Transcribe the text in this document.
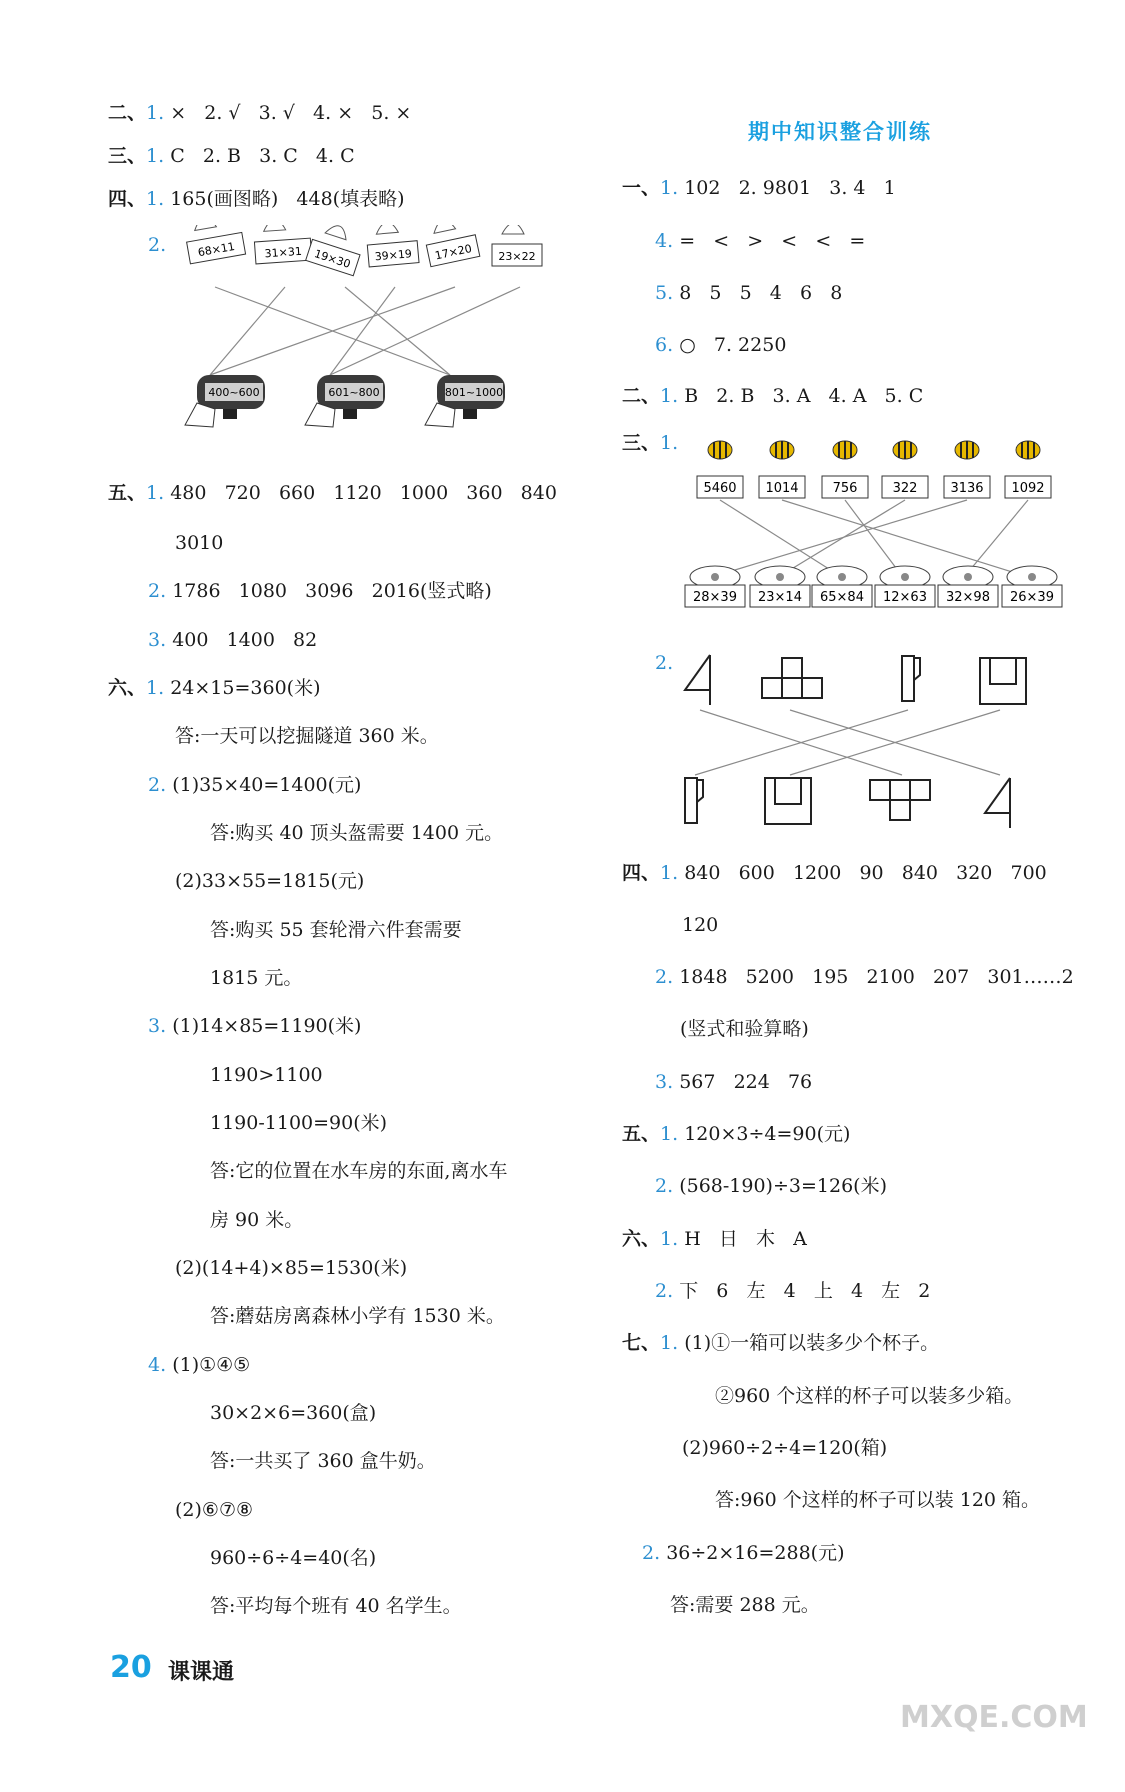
二、1. ×   2. √   3. √   4. ×   5. ×
三、1. C   2. B   3. C   4. C
四、1. 165(画图略)   448(填表略)
2.	68×11	31×31 19×30 39×19 17×20 23×22
400~600	601~800	801~1000
五、1. 480   720   660   1120   1000   360   840
3010
2. 1786   1080   3096   2016(竖式略)
3. 400   1400   82
六、1. 24×15=360(米)
答:一天可以挖掘隧道 360 米。
2. (1)35×40=1400(元)
答:购买 40 顶头盔需要 1400 元。
(2)33×55=1815(元)
答:购买 55 套轮滑六件套需要
1815 元。
3. (1)14×85=1190(米)
1190>1100
1190-1100=90(米)
答:它的位置在水车房的东面,离水车
房 90 米。
(2)(14+4)×85=1530(米)
答:蘑菇房离森林小学有 1530 米。
4. (1)①④⑤
30×2×6=360(盒)
答:一共买了 360 盒牛奶。
(2)⑥⑦⑧
960÷6÷4=40(名)
答:平均每个班有 40 名学生。
20 课课通
期中知识整合训练
一、1. 102   2. 9801   3. 4   1
4. =   <   >   <   <   =
5. 8   5   5   4   6   8
6. ○   7. 2250
二、1. B   2. B   3. A   4. A   5. C
三、1.
5460 1014	756	322	3136 1092
28×39 23×14 65×84 12×63 32×98 26×39
2.
四、1. 840   600   1200   90   840   320   700
120
2. 1848   5200   195   2100   207   301……2
(竖式和验算略)
3. 567   224   76
五、1. 120×3÷4=90(元)
2. (568-190)÷3=126(米)
六、1. H   日   木   A
2. 下   6   左   4   上   4   左   2
七、1. (1)①一箱可以装多少个杯子。
②960 个这样的杯子可以装多少箱。
(2)960÷2÷4=120(箱)
答:960 个这样的杯子可以装 120 箱。
2. 36÷2×16=288(元)
答:需要 288 元。
MXQE.COM
